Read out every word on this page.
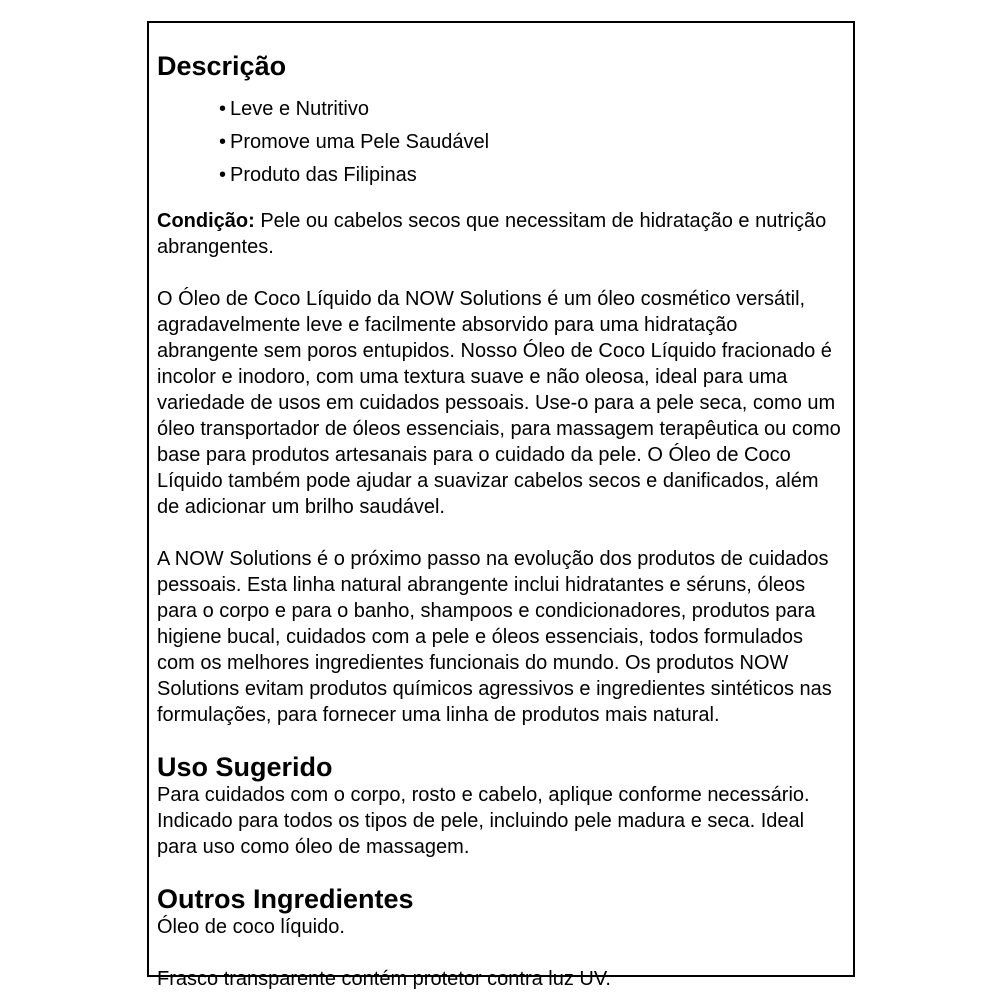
Descrição
• Leve e Nutritivo
• Promove uma Pele Saudável
• Produto das Filipinas

Condição: Pele ou cabelos secos que necessitam de hidratação e nutrição abrangentes.

O Óleo de Coco Líquido da NOW Solutions é um óleo cosmético versátil, agradavelmente leve e facilmente absorvido para uma hidratação abrangente sem poros entupidos. Nosso Óleo de Coco Líquido fracionado é incolor e inodoro, com uma textura suave e não oleosa, ideal para uma variedade de usos em cuidados pessoais. Use-o para a pele seca, como um óleo transportador de óleos essenciais, para massagem terapêutica ou como base para produtos artesanais para o cuidado da pele. O Óleo de Coco Líquido também pode ajudar a suavizar cabelos secos e danificados, além de adicionar um brilho saudável.

A NOW Solutions é o próximo passo na evolução dos produtos de cuidados pessoais. Esta linha natural abrangente inclui hidratantes e séruns, óleos para o corpo e para o banho, shampoos e condicionadores, produtos para higiene bucal, cuidados com a pele e óleos essenciais, todos formulados com os melhores ingredientes funcionais do mundo. Os produtos NOW Solutions evitam produtos químicos agressivos e ingredientes sintéticos nas formulações, para fornecer uma linha de produtos mais natural.

Uso Sugerido

Para cuidados com o corpo, rosto e cabelo, aplique conforme necessário. Indicado para todos os tipos de pele, incluindo pele madura e seca. Ideal para uso como óleo de massagem.

Outros Ingredientes

Óleo de coco líquido.

Frasco transparente contém protetor contra luz UV.
